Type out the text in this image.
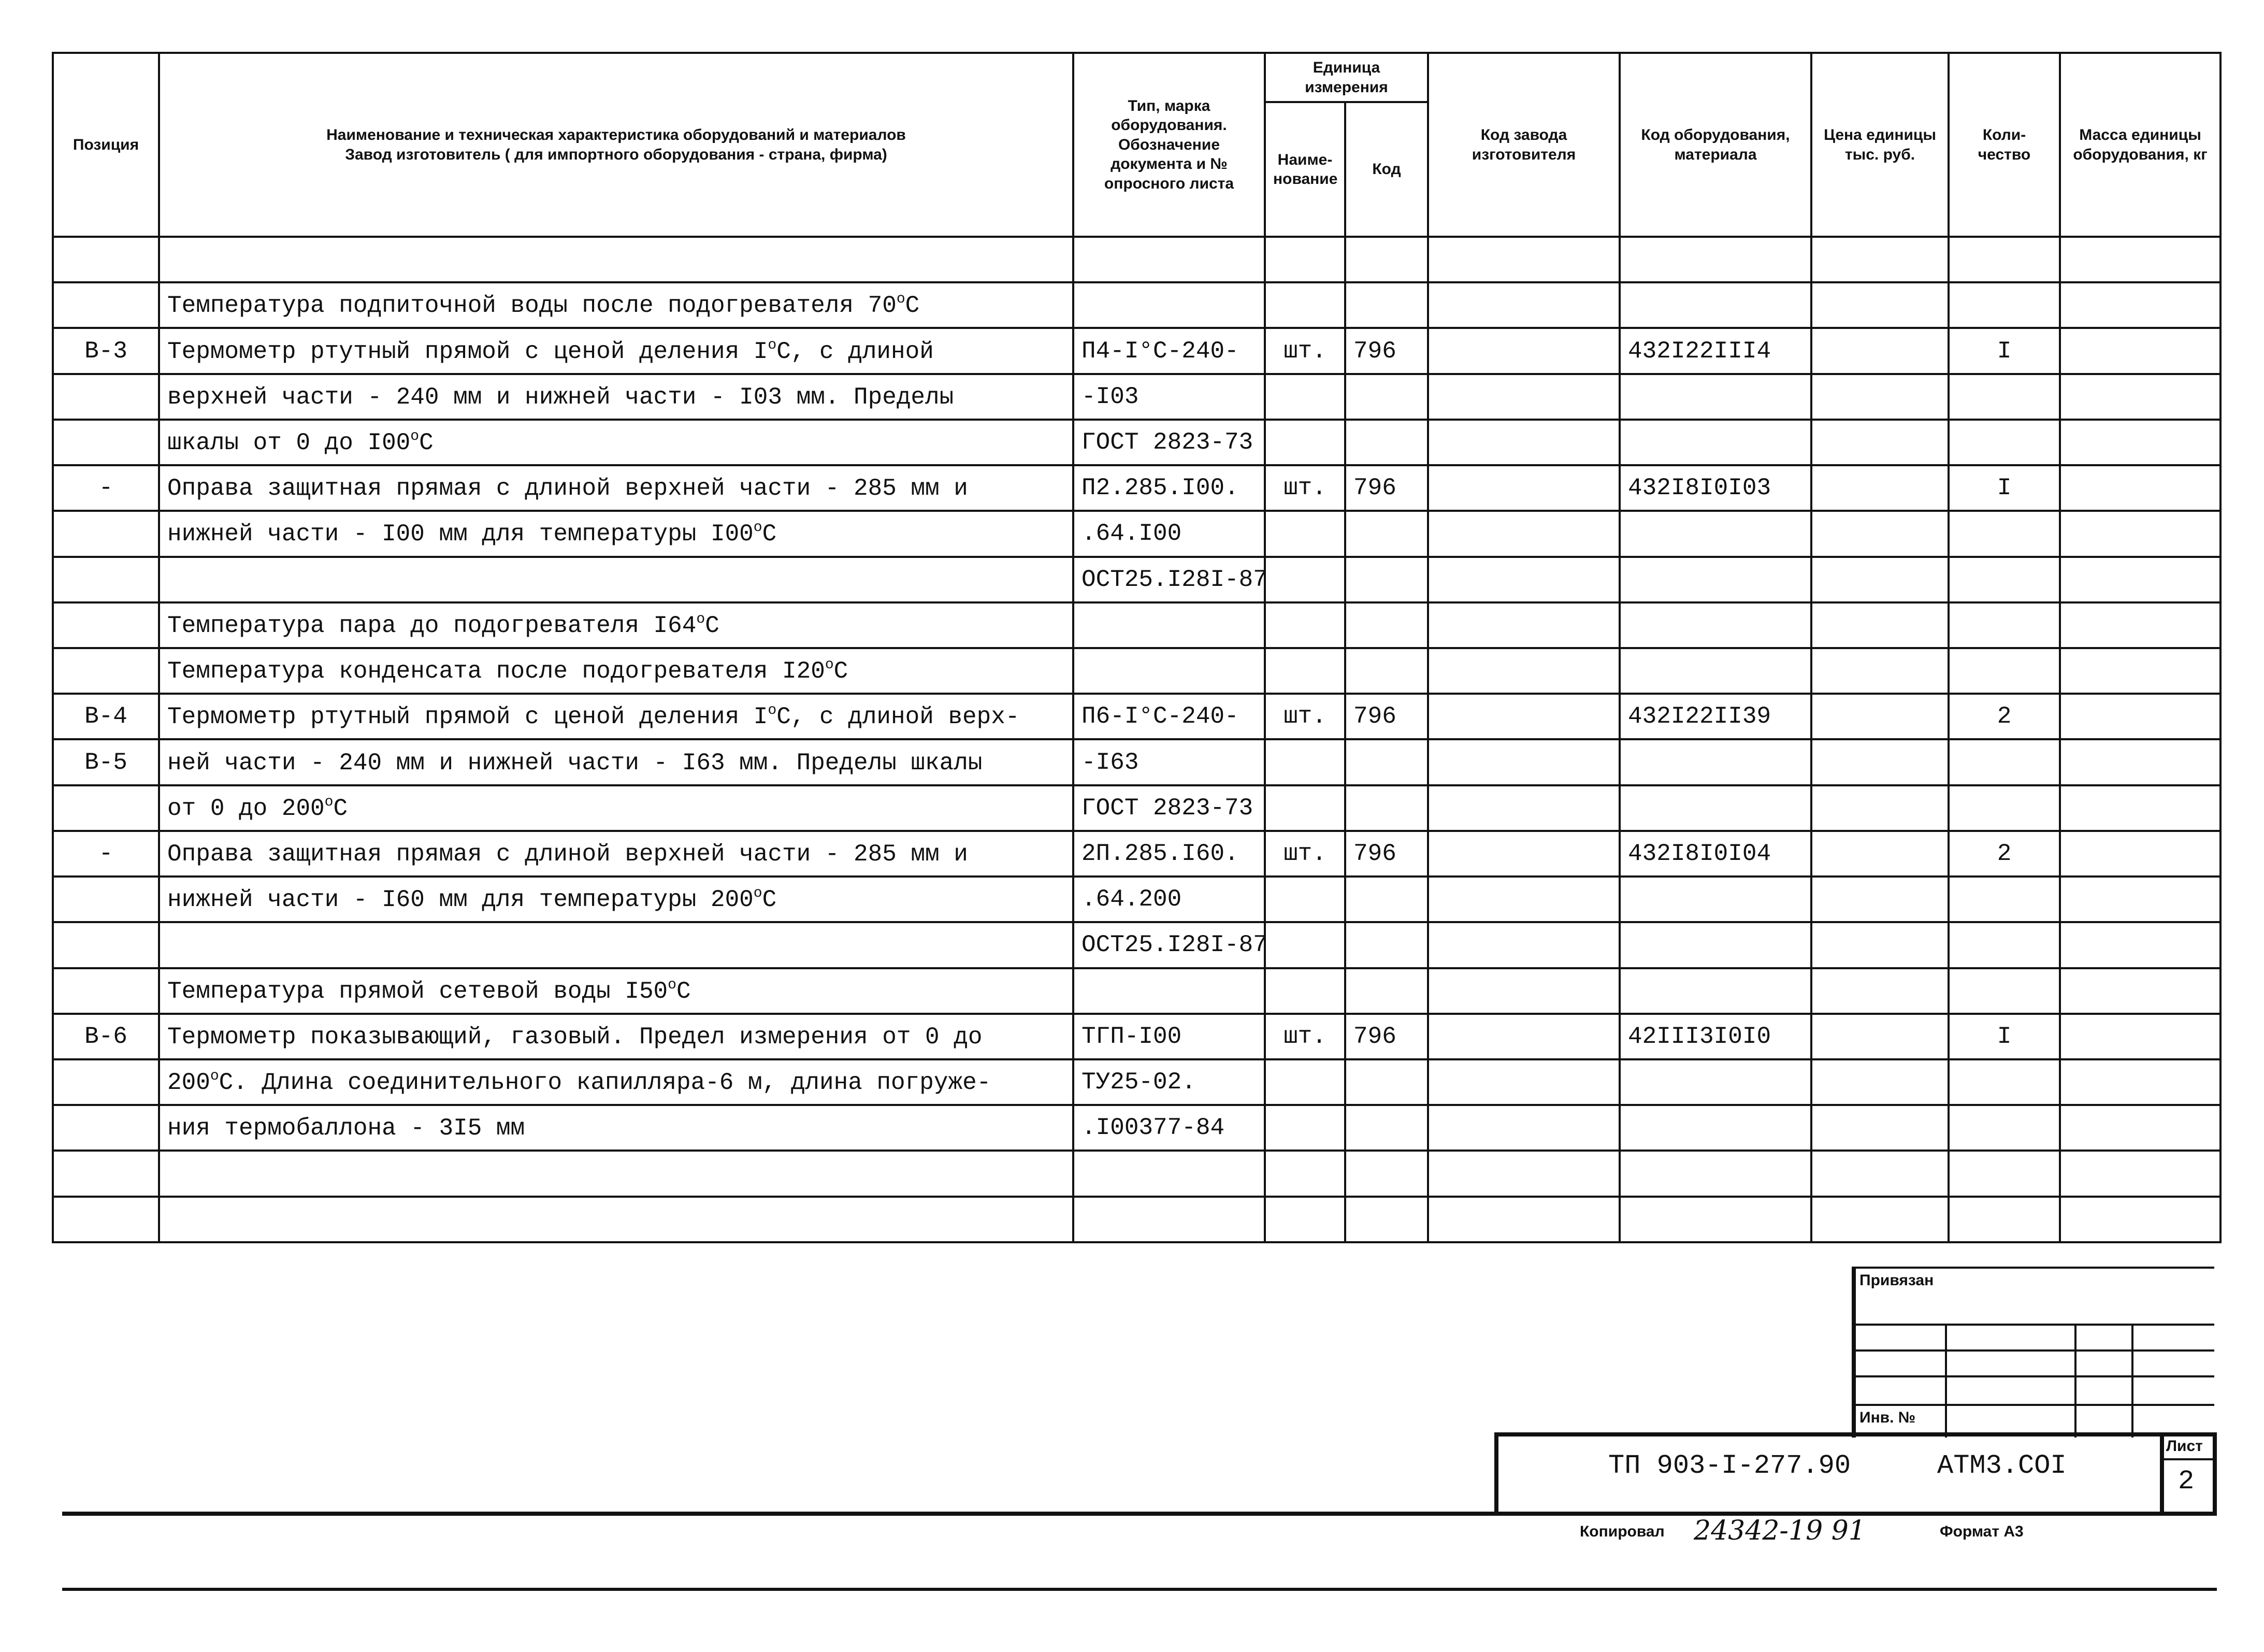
Позиция	Наименование и техническая характеристика оборудований и материалов
Завод изготовитель ( для импортного оборудования - страна, фирма)	Тип, марка оборудования. Обозначение документа и № опросного листа	Единица измерения		Код завода изготовителя	Код оборудования, материала	Цена единицы тыс. руб.	Коли-чество	Масса единицы оборудования, кг
			Наиме-нование	Код					

	Температура подпиточной воды после подогревателя 70$^o$C								
В-3	Термометр ртутный прямой с ценой деления $I^oC$, с длиной	П4-I°C-240-	шт.	796		432I22III4		I	
	верхней части - 240 мм и нижней части - I03 мм. Пределы	-I03							
	шкалы от 0 до I00$^o$C	ГОСТ 2823-73							
-	Оправа защитная прямая с длиной верхней части - 285 мм и	П2.285.I00.	шт.	796		432I8I0I03		I	
	нижней части - I00 мм для температуры I00$^o$C	.64.I00							
		ОСТ25.I28I-87							
	Температура пара до подогревателя I64$^o$C								
	Температура конденсата после подогревателя I20$^o$C								
В-4	Термометр ртутный прямой с ценой деления $I^oC$, с длиной верх-	П6-I°C-240-	шт.	796		432I22II39		2	
В-5	ней части - 240 мм и нижней части - I63 мм. Пределы шкалы	-I63							
	от 0 до 200$^o$C	ГОСТ 2823-73							
-	Оправа защитная прямая с длиной верхней части - 285 мм и	2П.285.I60.	шт.	796		432I8I0I04		2	
	нижней части - I60 мм для температуры 200$^o$C	.64.200							
		ОСТ25.I28I-87							
	Температура прямой сетевой воды I50$^o$C								
В-6	Термометр показывающий, газовый. Предел измерения от 0 до	ТГП-I00	шт.	796		42III3I0I0		I	
	200$^o$C. Длина соединительного капилляра-6 м, длина погруже-	ТУ25-02.							
	ния термобаллона - 3I5 мм	.I00377-84							

Привязан
Инв. №
ТП 903-I-277.90	АТМ3.СОI
Лист
2
Копировал 24342-19 91	Формат А3
